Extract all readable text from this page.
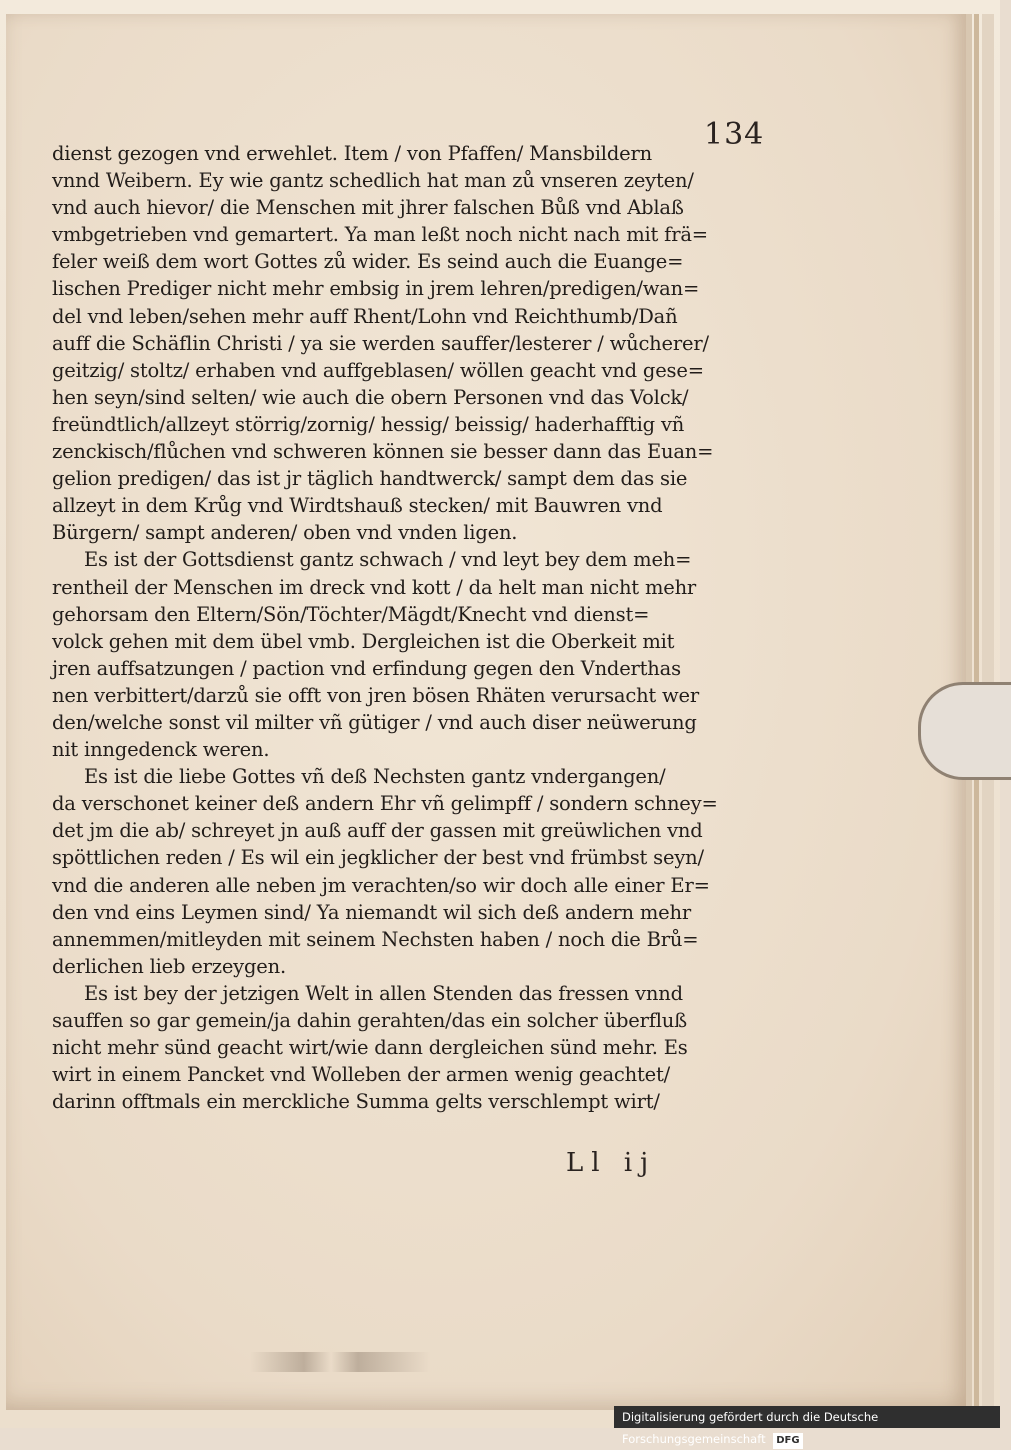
134
dienst gezogen vnd erwehlet. Item / von Pfaffen/ Mansbildern
vnnd Weibern. Ey wie gantz schedlich hat man zů vnseren zeyten/
vnd auch hievor/ die Menschen mit jhrer falschen Bůß vnd Ablaß
vmbgetrieben vnd gemartert. Ya man leßt noch nicht nach mit frä=
feler weiß dem wort Gottes zů wider. Es seind auch die Euange=
lischen Prediger nicht mehr embsig in jrem lehren/predigen/wan=
del vnd leben/sehen mehr auff Rhent/Lohn vnd Reichthumb/Dañ
auff die Schäflin Christi / ya sie werden sauffer/lesterer / wůcherer/
geitzig/ stoltz/ erhaben vnd auffgeblasen/ wöllen geacht vnd gese=
hen seyn/sind selten/ wie auch die obern Personen vnd das Volck/
freündtlich/allzeyt störrig/zornig/ hessig/ beissig/ haderhafftig vñ
zenckisch/flůchen vnd schweren können sie besser dann das Euan=
gelion predigen/ das ist jr täglich handtwerck/ sampt dem das sie
allzeyt in dem Krůg vnd Wirdtshauß stecken/ mit Bauwren vnd
Bürgern/ sampt anderen/ oben vnd vnden ligen.
Es ist der Gottsdienst gantz schwach / vnd leyt bey dem meh=
rentheil der Menschen im dreck vnd kott / da helt man nicht mehr
gehorsam den Eltern/Sön/Töchter/Mägdt/Knecht vnd dienst=
volck gehen mit dem übel vmb. Dergleichen ist die Oberkeit mit
jren auffsatzungen / paction vnd erfindung gegen den Vnderthas
nen verbittert/darzů sie offt von jren bösen Rhäten verursacht wer
den/welche sonst vil milter vñ gütiger / vnd auch diser neüwerung
nit inngedenck weren.
Es ist die liebe Gottes vñ deß Nechsten gantz vndergangen/
da verschonet keiner deß andern Ehr vñ gelimpff / sondern schney=
det jm die ab/ schreyet jn auß auff der gassen mit greüwlichen vnd
spöttlichen reden / Es wil ein jegklicher der best vnd frümbst seyn/
vnd die anderen alle neben jm verachten/so wir doch alle einer Er=
den vnd eins Leymen sind/ Ya niemandt wil sich deß andern mehr
annemmen/mitleyden mit seinem Nechsten haben / noch die Brů=
derlichen lieb erzeygen.
Es ist bey der jetzigen Welt in allen Stenden das fressen vnnd
sauffen so gar gemein/ja dahin gerahten/das ein solcher überfluß
nicht mehr sünd geacht wirt/wie dann dergleichen sünd mehr. Es
wirt in einem Pancket vnd Wolleben der armen wenig geachtet/
darinn offtmals ein merckliche Summa gelts verschlempt wirt/
Ll ij
Digitalisierung gefördert durch die Deutsche Forschungsgemeinschaft DFG
